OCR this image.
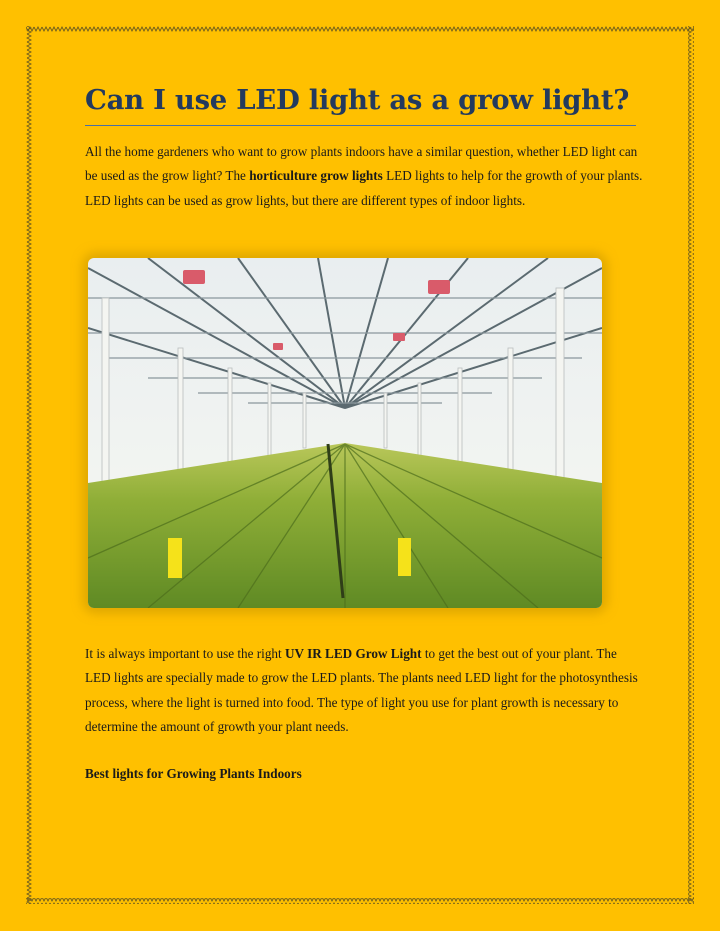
Can I use LED light as a grow light?

All the home gardeners who want to grow plants indoors have a similar question, whether LED light can be used as the grow light? The horticulture grow lights LED lights to help for the growth of your plants. LED lights can be used as grow lights, but there are different types of indoor lights.

It is always important to use the right UV IR LED Grow Light to get the best out of your plant. The LED lights are specially made to grow the LED plants. The plants need LED light for the photosynthesis process, where the light is turned into food. The type of light you use for plant growth is necessary to determine the amount of growth your plant needs.

Best lights for Growing Plants Indoors
